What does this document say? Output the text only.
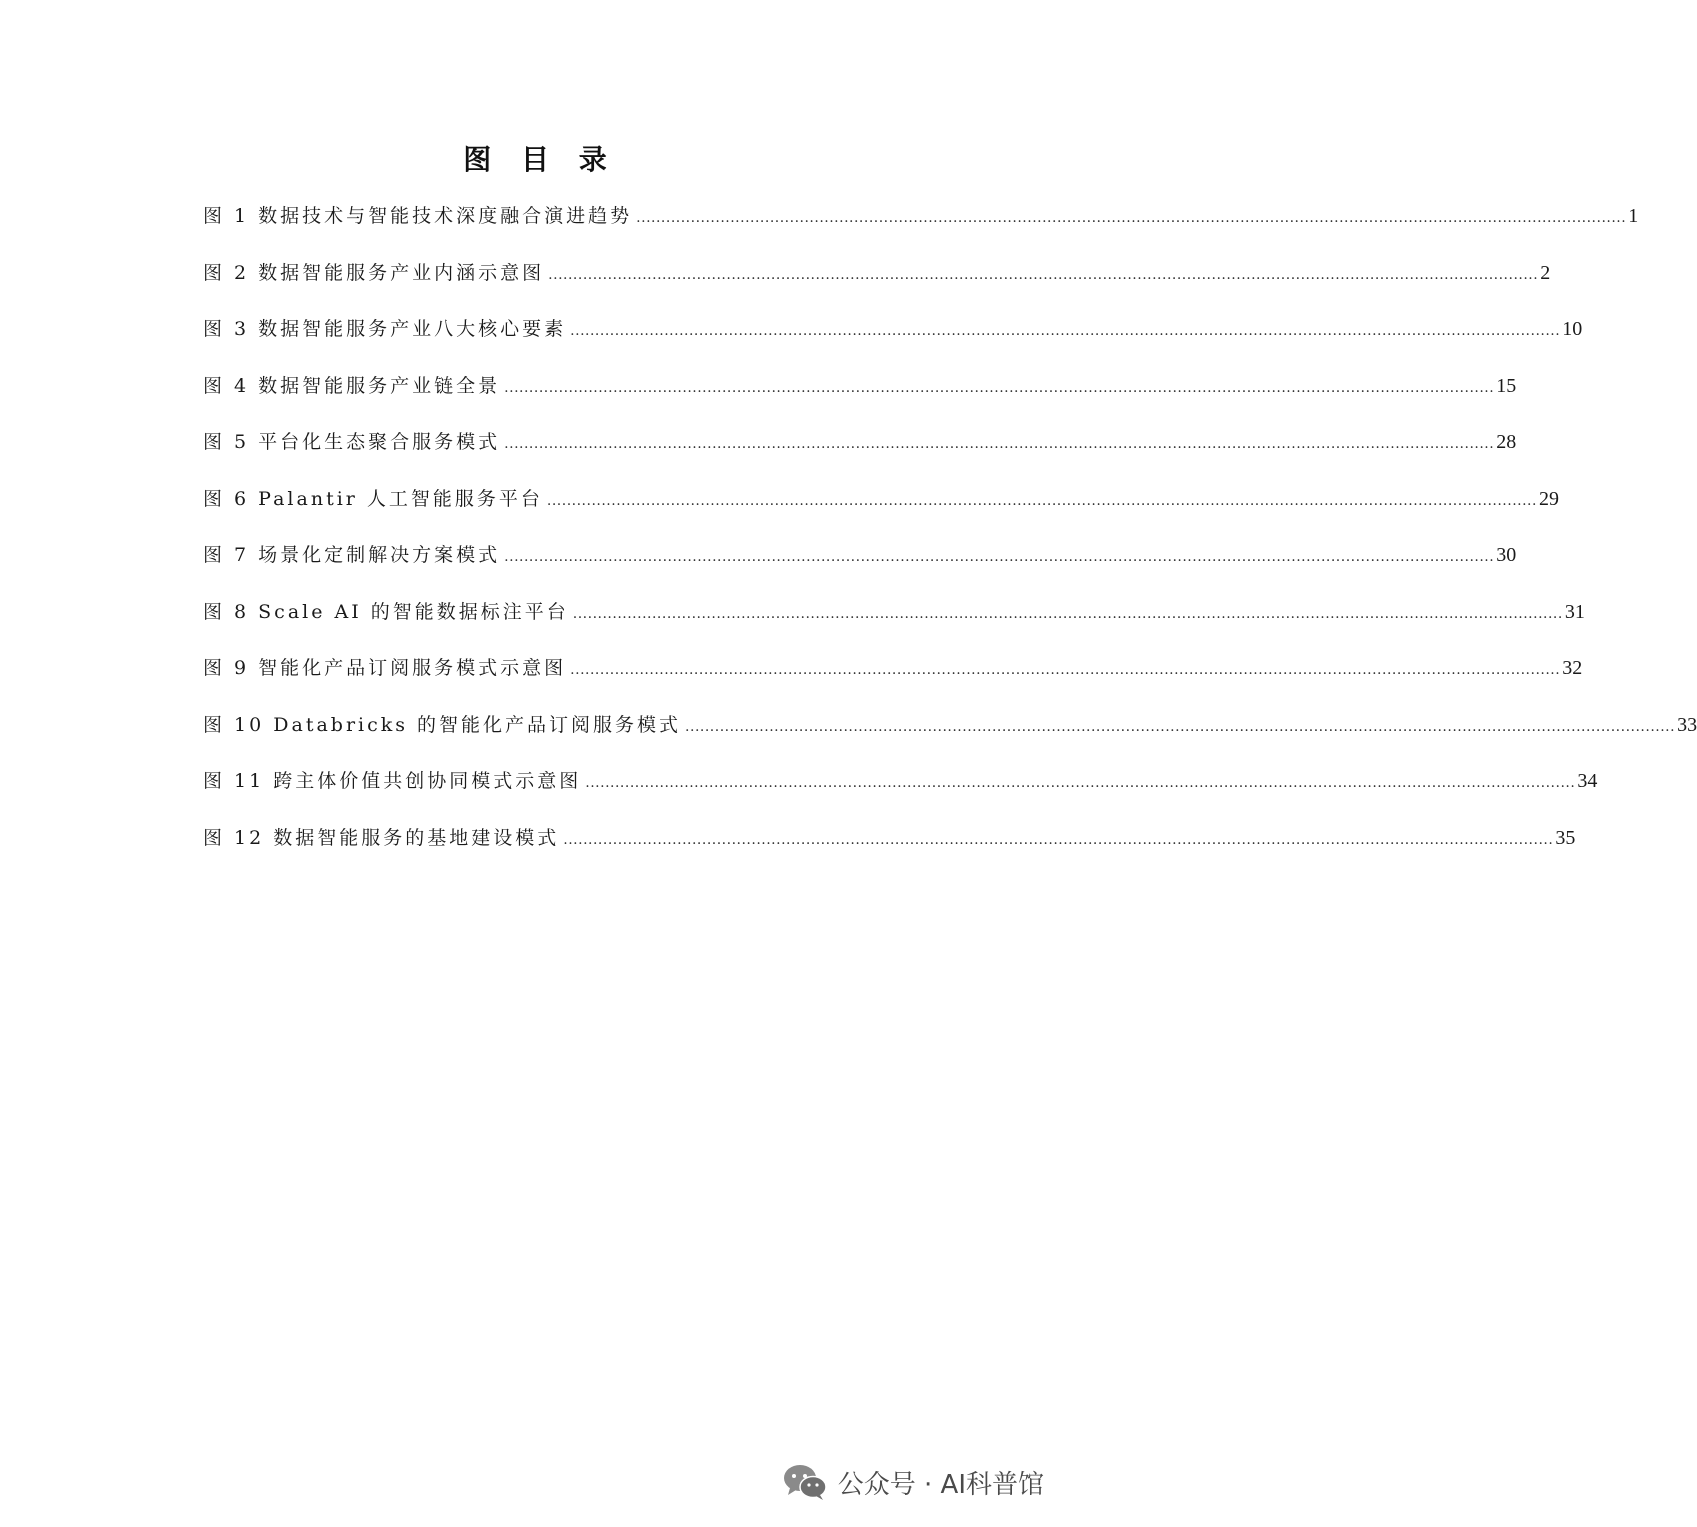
图 目 录
图 1 数据技术与智能技术深度融合演进趋势 ........................................................................................................................................................................................................ 1
图 2 数据智能服务产业内涵示意图 ........................................................................................................................................................................................................ 2
图 3 数据智能服务产业八大核心要素 ........................................................................................................................................................................................................ 10
图 4 数据智能服务产业链全景 ........................................................................................................................................................................................................ 15
图 5 平台化生态聚合服务模式 ........................................................................................................................................................................................................ 28
图 6 Palantir 人工智能服务平台 ........................................................................................................................................................................................................ 29
图 7 场景化定制解决方案模式 ........................................................................................................................................................................................................ 30
图 8 Scale AI 的智能数据标注平台 ........................................................................................................................................................................................................ 31
图 9 智能化产品订阅服务模式示意图 ........................................................................................................................................................................................................ 32
图 10 Databricks 的智能化产品订阅服务模式 ........................................................................................................................................................................................................ 33
图 11 跨主体价值共创协同模式示意图 ........................................................................................................................................................................................................ 34
图 12 数据智能服务的基地建设模式 ........................................................................................................................................................................................................ 35
公众号 · AI科普馆
